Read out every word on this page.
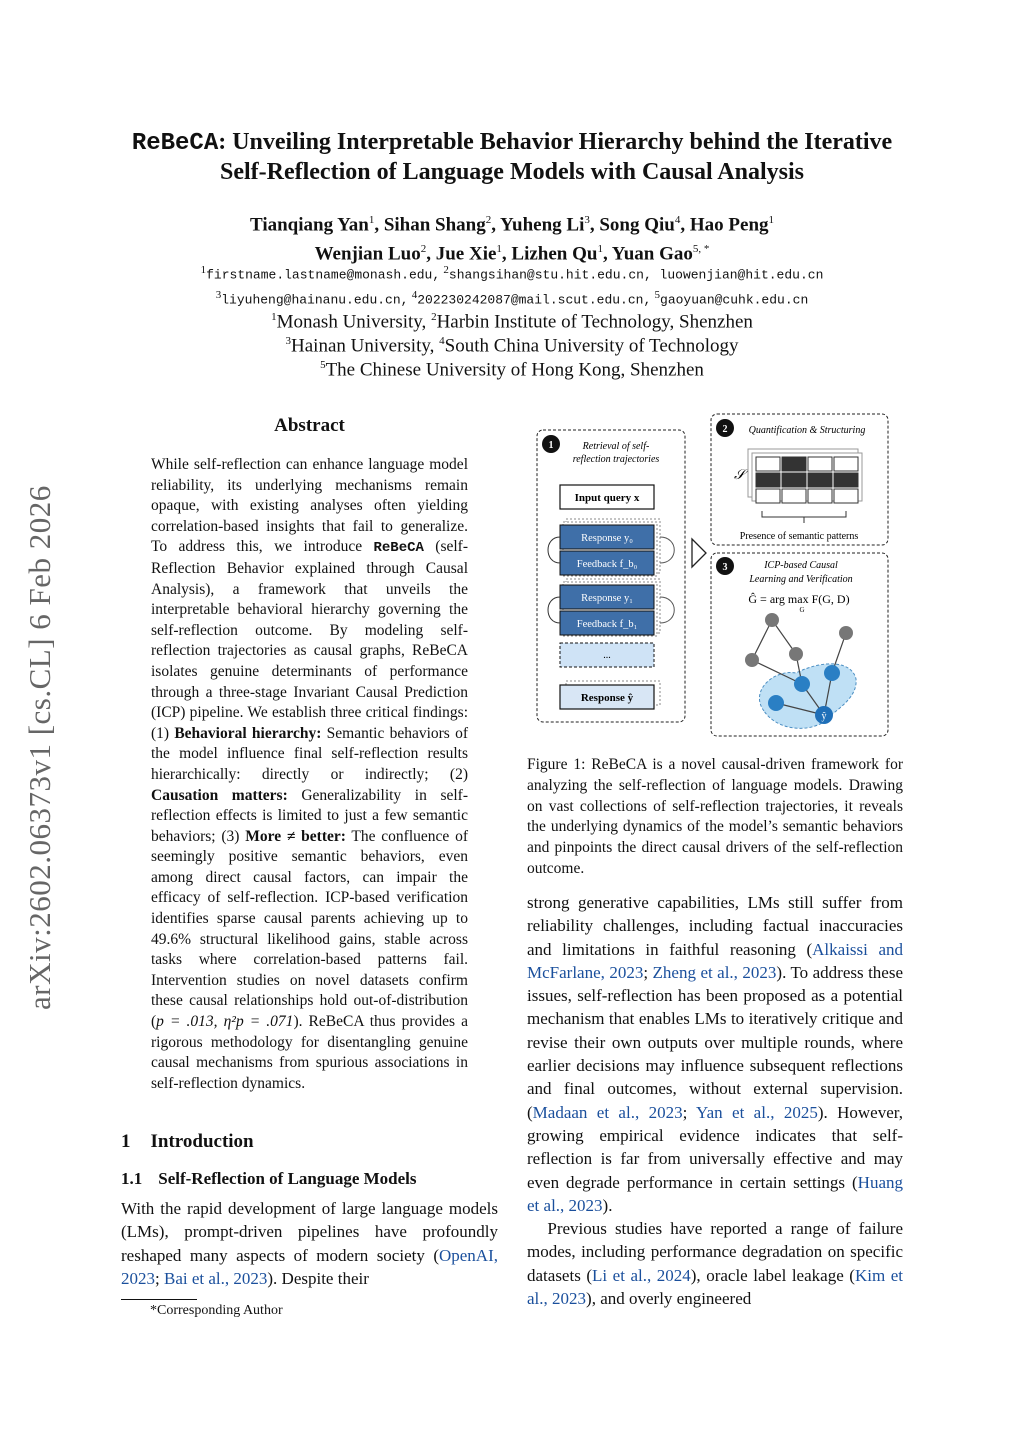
arXiv:2602.06373v1 [cs.CL] 6 Feb 2026
ReBeCA: Unveiling Interpretable Behavior Hierarchy behind the Iterative
Self-Reflection of Language Models with Causal Analysis
Tianqiang Yan$^1$, Sihan Shang$^2$, Yuheng Li$^3$, Song Qiu$^4$, Hao Peng$^1$
Wenjian Luo$^2$, Jue Xie$^1$, Lizhen Qu$^1$, Yuan Gao$^{5, *}$
$^1$firstname.lastname@monash.edu, $^2$shangsihan@stu.hit.edu.cn, luowenjian@hit.edu.cn
$^3$liyuheng@hainanu.edu.cn, $^4$202230242087@mail.scut.edu.cn, $^5$gaoyuan@cuhk.edu.cn
$^1$Monash University, $^2$Harbin Institute of Technology, Shenzhen
$^3$Hainan University, $^4$South China University of Technology
$^5$The Chinese University of Hong Kong, Shenzhen
Abstract

While self-reflection can enhance language model reliability, its underlying mechanisms remain opaque, with existing analyses often yielding correlation-based insights that fail to generalize. To address this, we introduce ReBeCA (self-Reflection Behavior explained through Causal Analysis), a framework that unveils the interpretable behavioral hierarchy governing the self-reflection outcome. By modeling self-reflection trajectories as causal graphs, ReBeCA isolates genuine determinants of performance through a three-stage Invariant Causal Prediction (ICP) pipeline. We establish three critical findings: (1) Behavioral hierarchy: Semantic behaviors of the model influence final self-reflection results hierarchically: directly or indirectly; (2) Causation matters: Generalizability in self-reflection effects is limited to just a few semantic behaviors; (3) More ≠ better: The confluence of seemingly positive semantic behaviors, even among direct causal factors, can impair the efficacy of self-reflection. ICP-based verification identifies sparse causal parents achieving up to 49.6% structural likelihood gains, stable across tasks where correlation-based patterns fail. Intervention studies on novel datasets confirm these causal relationships hold out-of-distribution (p = .013, η²p = .071). ReBeCA thus provides a rigorous methodology for disentangling genuine causal mechanisms from spurious associations in self-reflection dynamics.

1 Introduction
1.1 Self-Reflection of Language Models

With the rapid development of large language models (LMs), prompt-driven pipelines have profoundly reshaped many aspects of modern society (OpenAI, 2023; Bai et al., 2023). Despite their

*Corresponding Author
1	Retrieval of self-
reflection trajectories
Input query x
Response y₀
Feedback f_b₀
Response y₁
Feedback f_b₁
...
Response ŷ
2 Quantification & Structuring
𝒮
Presence of semantic patterns
3	ICP-based Causal
Learning and Verification
Ĝ = arg max F(G, D)
G
ŷ

Figure 1: ReBeCA is a novel causal-driven framework for analyzing the self-reflection of language models. Drawing on vast collections of self-reflection trajectories, it reveals the underlying dynamics of the model’s semantic behaviors and pinpoints the direct causal drivers of the self-reflection outcome.

strong generative capabilities, LMs still suffer from reliability challenges, including factual inaccuracies and limitations in faithful reasoning (Alkaissi and McFarlane, 2023; Zheng et al., 2023). To address these issues, self-reflection has been proposed as a potential mechanism that enables LMs to iteratively critique and revise their own outputs over multiple rounds, where earlier decisions may influence subsequent reflections and final outcomes, without external supervision. (Madaan et al., 2023; Yan et al., 2025). However, growing empirical evidence indicates that self-reflection is far from universally effective and may even degrade performance in certain settings (Huang et al., 2023).

Previous studies have reported a range of failure modes, including performance degradation on specific datasets (Li et al., 2024), oracle label leakage (Kim et al., 2023), and overly engineered
